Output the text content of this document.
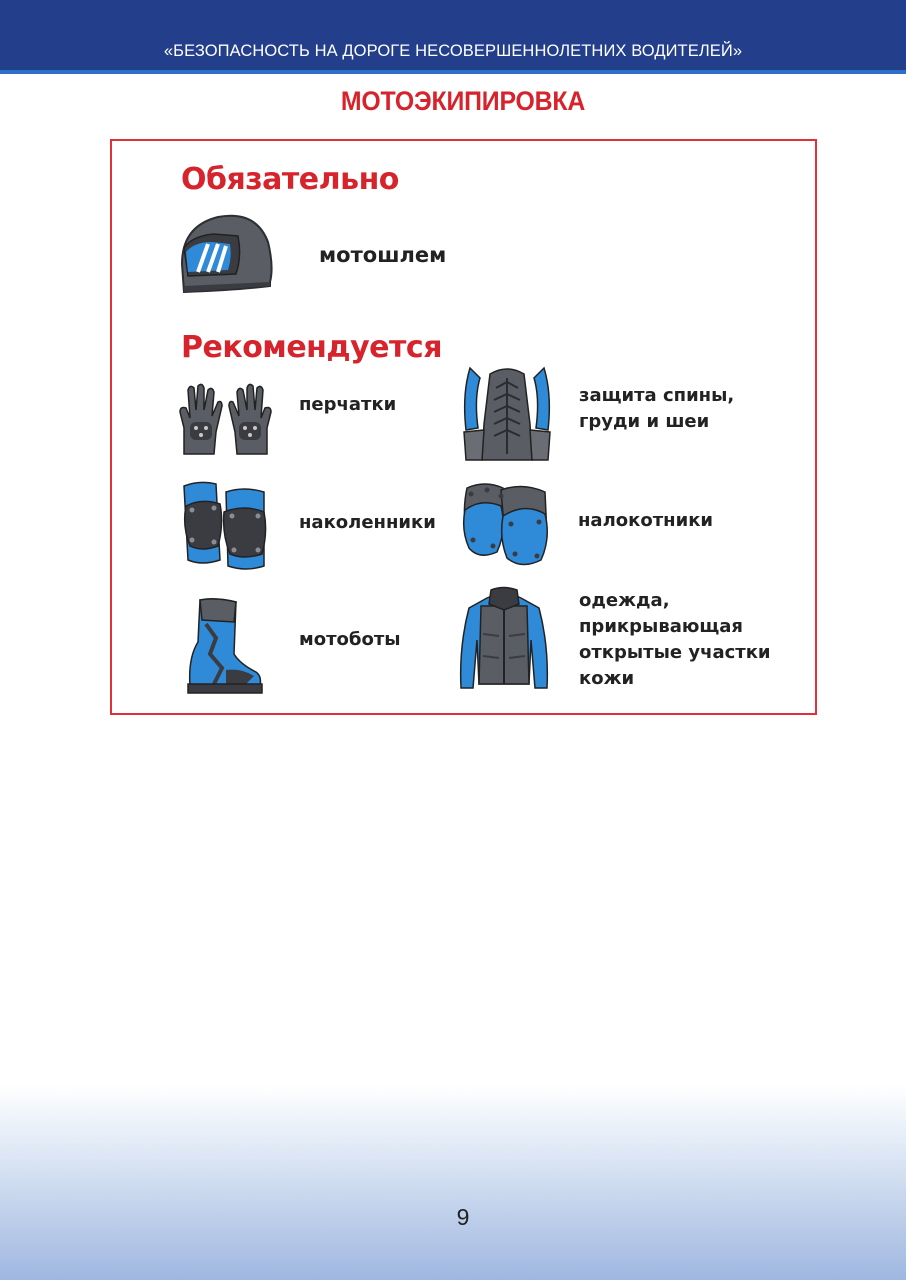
«БЕЗОПАСНОСТЬ НА ДОРОГЕ НЕСОВЕРШЕННОЛЕТНИХ ВОДИТЕЛЕЙ»
МОТОЭКИПИРОВКА
Обязательно
мотошлем
Рекомендуется
перчатки	защита спины,
груди и шеи
наколенники	налокотники
мотоботы
одежда,
прикрывающая
открытые участки
кожи
9
